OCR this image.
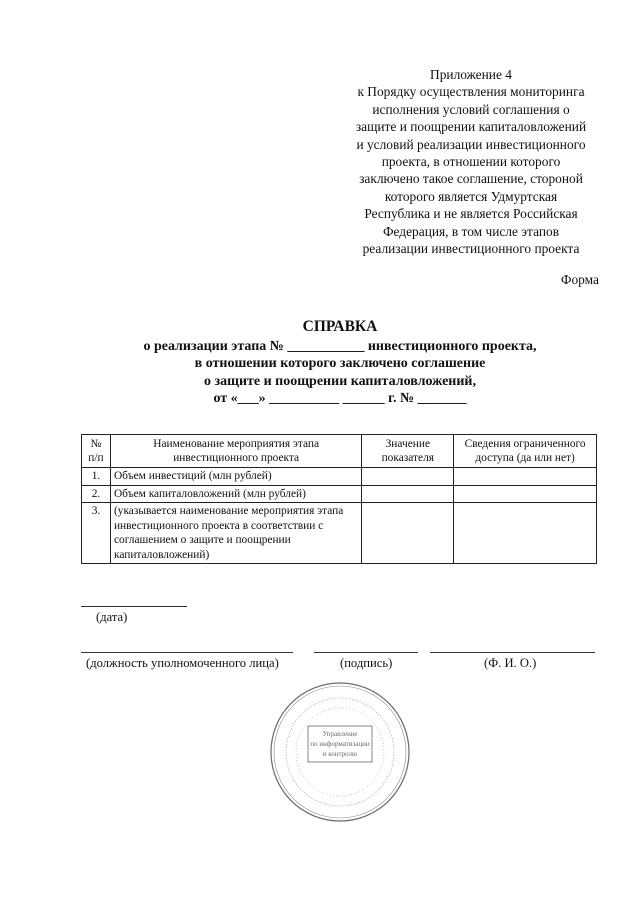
Приложение 4
к Порядку осуществления мониторинга
исполнения условий соглашения о
защите и поощрении капиталовложений
и условий реализации инвестиционного
проекта, в отношении которого
заключено такое соглашение, стороной
которого является Удмуртская
Республика и не является Российская
Федерация, в том числе этапов
реализации инвестиционного проекта
Форма
СПРАВКА
о реализации этапа № ___________ инвестиционного проекта,
в отношении которого заключено соглашение
о защите и поощрении капиталовложений,
от «___» __________ ______ г. № _______
№ п/п	Наименование мероприятия этапа инвестиционного проекта	Значение показателя	Сведения ограниченного доступа (да или нет)
1.	Объем инвестиций (млн рублей)		
2.	Объем капиталовложений (млн рублей)		
3.	(указывается наименование мероприятия этапа инвестиционного проекта в соответствии с соглашением о защите и поощрении капиталовложений)		
(дата)
(должность уполномоченного лица)	(подпись)	(Ф. И. О.)
Управление
по информатизации
и контролю
